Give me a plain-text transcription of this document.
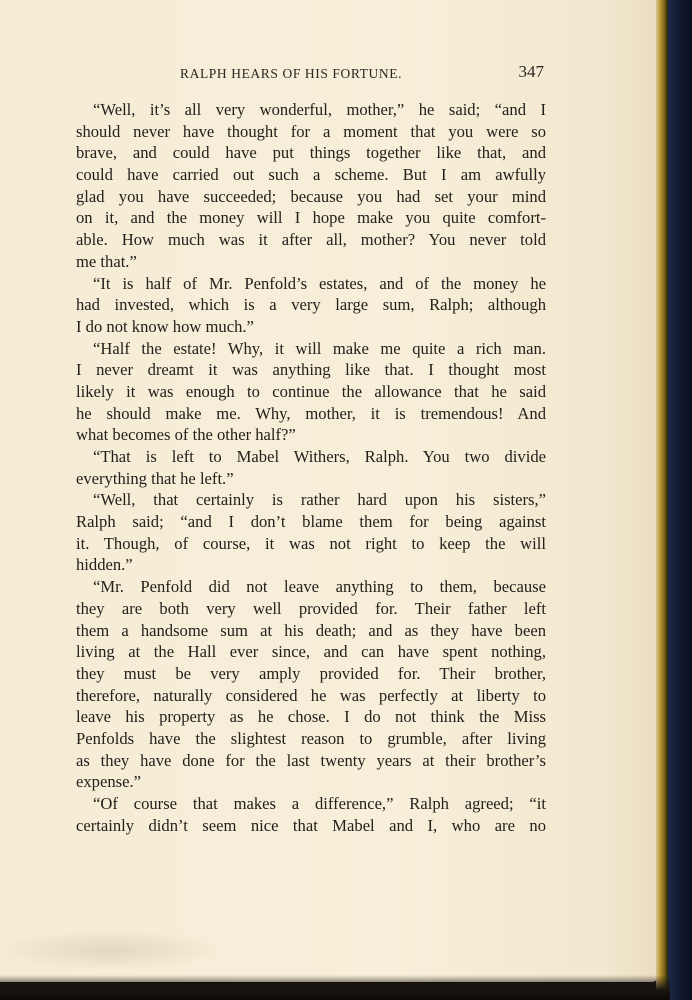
RALPH HEARS OF HIS FORTUNE.	347
“Well, it’s all very wonderful, mother,” he said; “and I
should never have thought for a moment that you were so
brave, and could have put things together like that, and
could have carried out such a scheme. But I am awfully
glad you have succeeded; because you had set your mind
on it, and the money will I hope make you quite comfort-
able. How much was it after all, mother? You never told
me that.”
“It is half of Mr. Penfold’s estates, and of the money he
had invested, which is a very large sum, Ralph; although
I do not know how much.”
“Half the estate! Why, it will make me quite a rich man.
I never dreamt it was anything like that. I thought most
likely it was enough to continue the allowance that he said
he should make me. Why, mother, it is tremendous! And
what becomes of the other half?”
“That is left to Mabel Withers, Ralph. You two divide
everything that he left.”
“Well, that certainly is rather hard upon his sisters,”
Ralph said; “and I don’t blame them for being against
it. Though, of course, it was not right to keep the will
hidden.”
“Mr. Penfold did not leave anything to them, because
they are both very well provided for. Their father left
them a handsome sum at his death; and as they have been
living at the Hall ever since, and can have spent nothing,
they must be very amply provided for. Their brother,
therefore, naturally considered he was perfectly at liberty to
leave his property as he chose. I do not think the Miss
Penfolds have the slightest reason to grumble, after living
as they have done for the last twenty years at their brother’s
expense.”
“Of course that makes a difference,” Ralph agreed; “it
certainly didn’t seem nice that Mabel and I, who are no
